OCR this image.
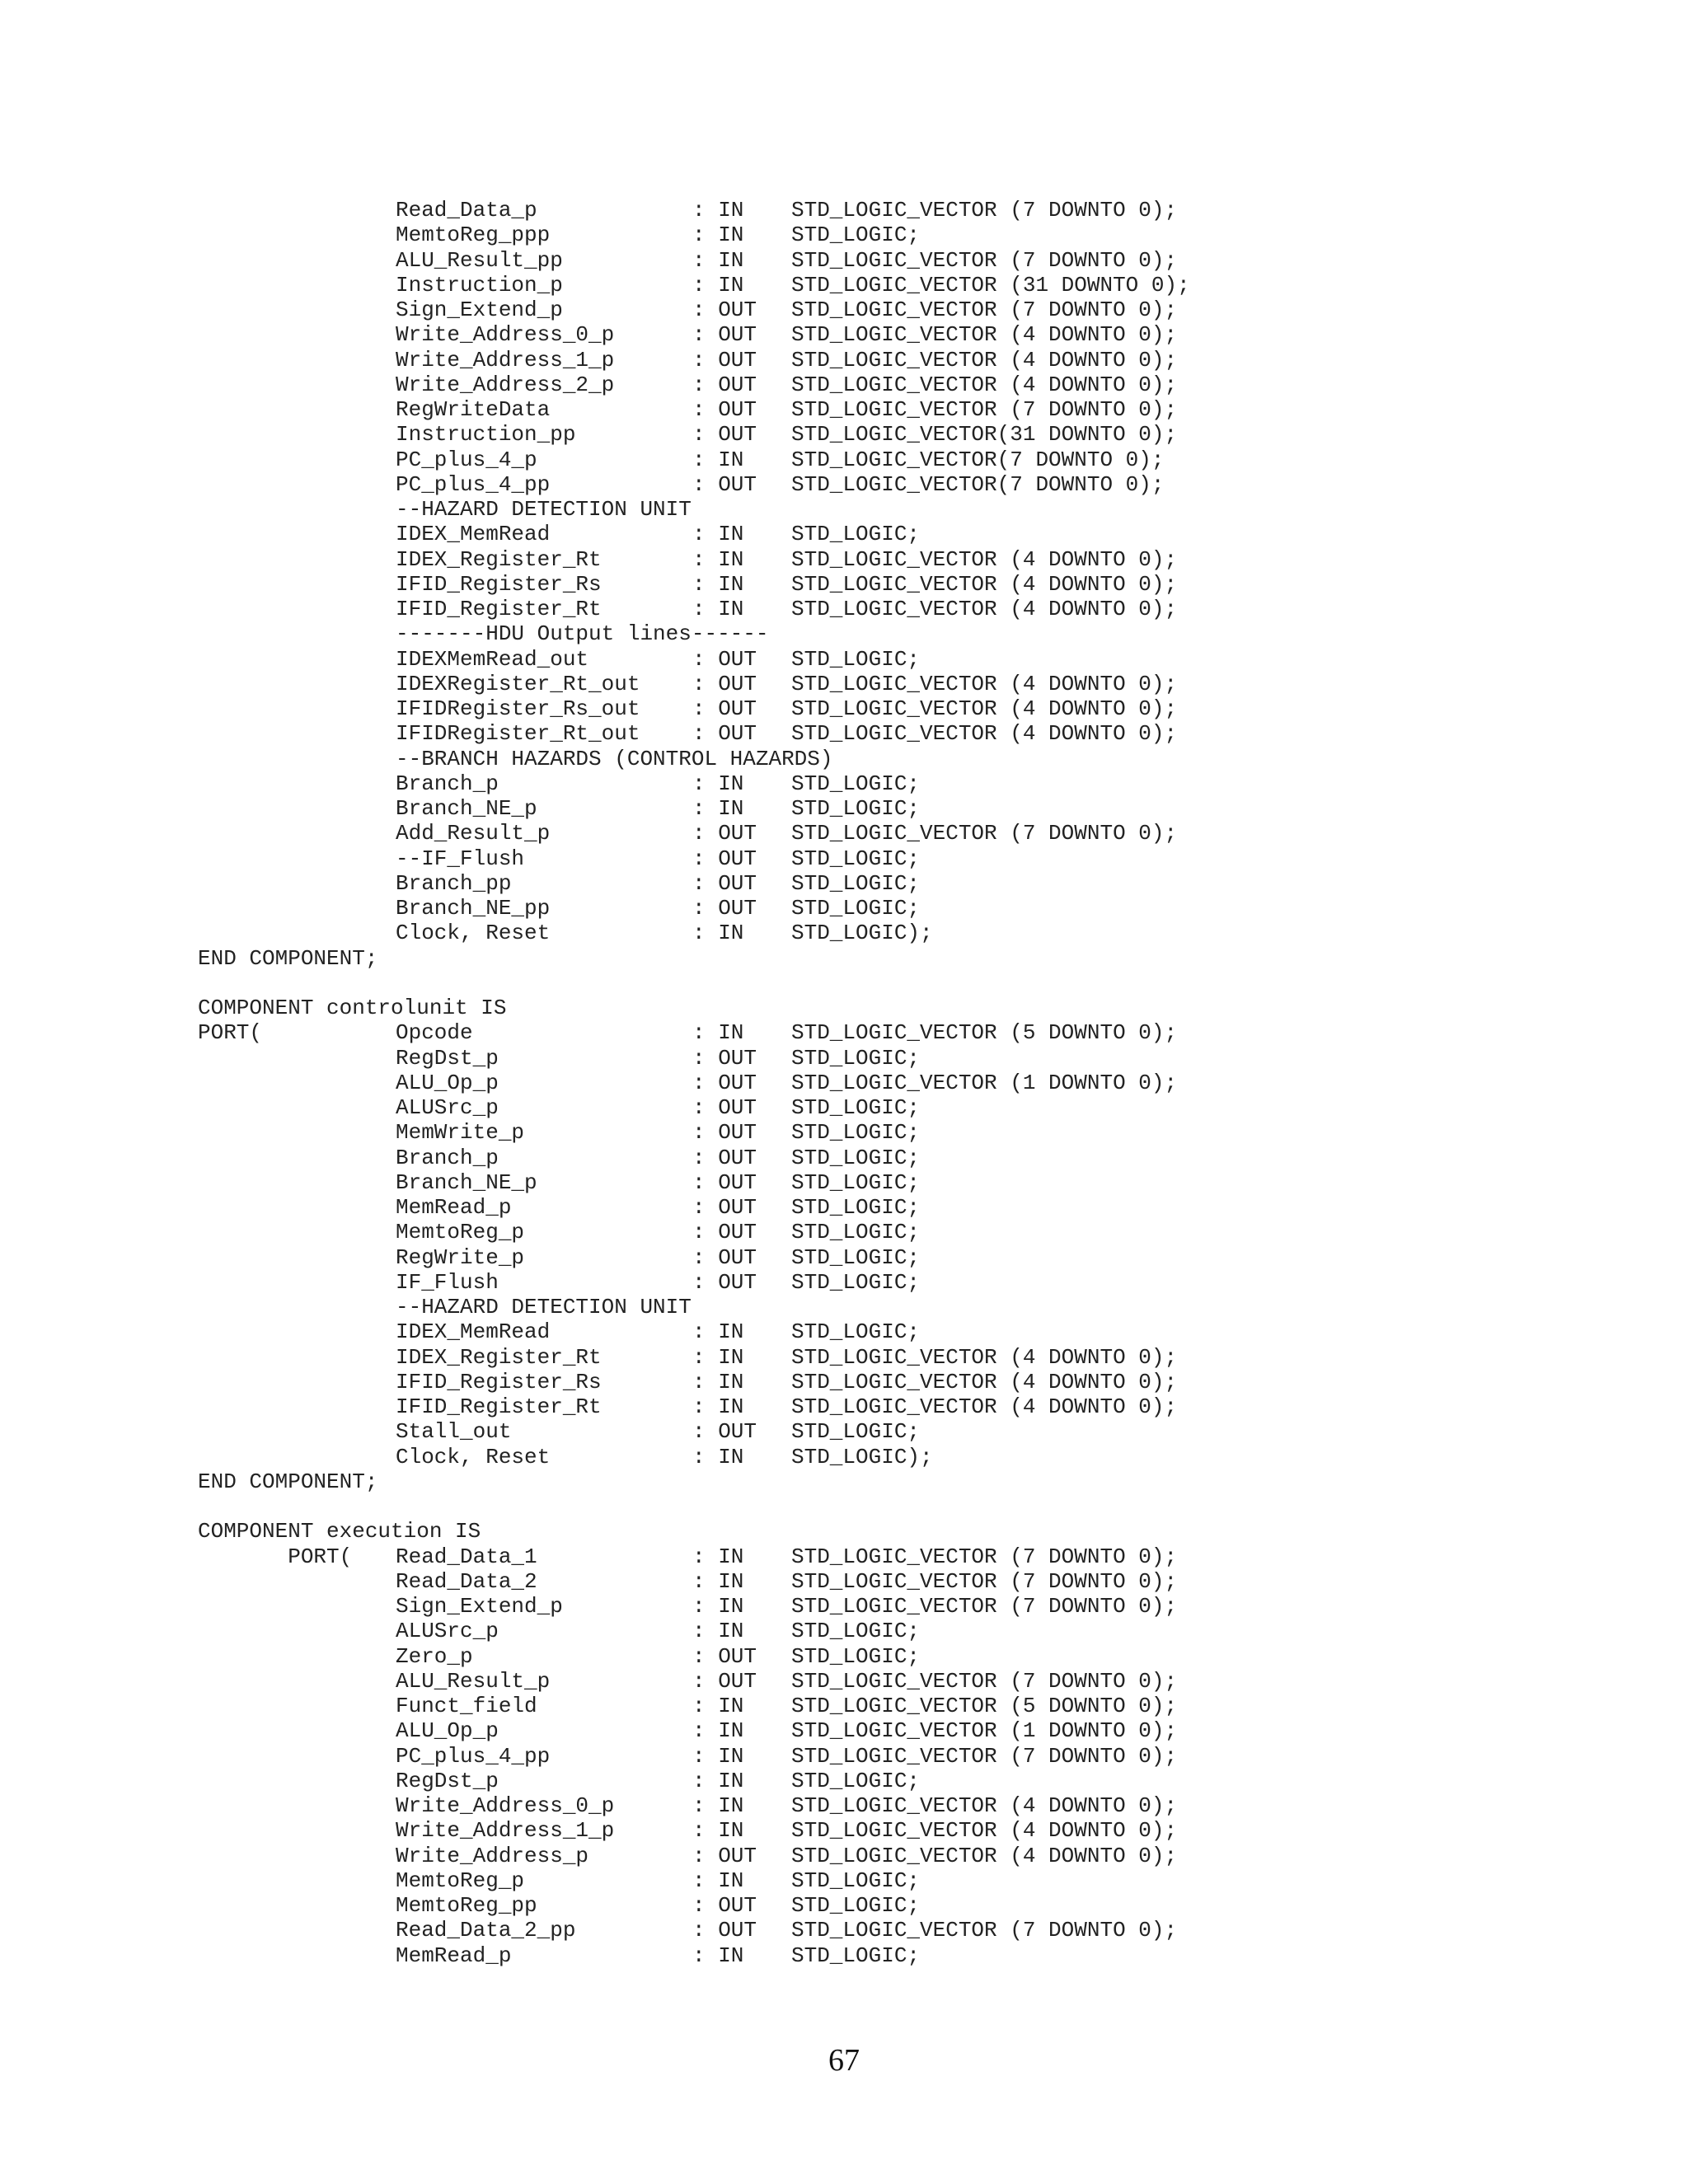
Read_Data_p	: IN STD_LOGIC_VECTOR (7 DOWNTO 0);
MemtoReg_ppp	: IN STD_LOGIC;
ALU_Result_pp	: IN STD_LOGIC_VECTOR (7 DOWNTO 0);
Instruction_p	: IN STD_LOGIC_VECTOR (31 DOWNTO 0);
Sign_Extend_p	: OUT STD_LOGIC_VECTOR (7 DOWNTO 0);
Write_Address_0_p	: OUT STD_LOGIC_VECTOR (4 DOWNTO 0);
Write_Address_1_p	: OUT STD_LOGIC_VECTOR (4 DOWNTO 0);
Write_Address_2_p	: OUT STD_LOGIC_VECTOR (4 DOWNTO 0);
RegWriteData	: OUT STD_LOGIC_VECTOR (7 DOWNTO 0);
Instruction_pp	: OUT STD_LOGIC_VECTOR(31 DOWNTO 0);
PC_plus_4_p	: IN STD_LOGIC_VECTOR(7 DOWNTO 0);
PC_plus_4_pp	: OUT STD_LOGIC_VECTOR(7 DOWNTO 0);
--HAZARD DETECTION UNIT
IDEX_MemRead	: IN STD_LOGIC;
IDEX_Register_Rt	: IN STD_LOGIC_VECTOR (4 DOWNTO 0);
IFID_Register_Rs	: IN STD_LOGIC_VECTOR (4 DOWNTO 0);
IFID_Register_Rt	: IN STD_LOGIC_VECTOR (4 DOWNTO 0);
-------HDU Output lines------
IDEXMemRead_out	: OUT STD_LOGIC;
IDEXRegister_Rt_out : OUT STD_LOGIC_VECTOR (4 DOWNTO 0);
IFIDRegister_Rs_out : OUT STD_LOGIC_VECTOR (4 DOWNTO 0);
IFIDRegister_Rt_out : OUT STD_LOGIC_VECTOR (4 DOWNTO 0);
--BRANCH HAZARDS (CONTROL HAZARDS)
Branch_p	: IN STD_LOGIC;
Branch_NE_p	: IN STD_LOGIC;
Add_Result_p	: OUT STD_LOGIC_VECTOR (7 DOWNTO 0);
--IF_Flush	: OUT STD_LOGIC;
Branch_pp	: OUT STD_LOGIC;
Branch_NE_pp	: OUT STD_LOGIC;
Clock, Reset	: IN STD_LOGIC);
END COMPONENT;
COMPONENT controlunit IS
PORT(	Opcode	: IN STD_LOGIC_VECTOR (5 DOWNTO 0);
RegDst_p	: OUT STD_LOGIC;
ALU_Op_p	: OUT STD_LOGIC_VECTOR (1 DOWNTO 0);
ALUSrc_p	: OUT STD_LOGIC;
MemWrite_p	: OUT STD_LOGIC;
Branch_p	: OUT STD_LOGIC;
Branch_NE_p	: OUT STD_LOGIC;
MemRead_p	: OUT STD_LOGIC;
MemtoReg_p	: OUT STD_LOGIC;
RegWrite_p	: OUT STD_LOGIC;
IF_Flush	: OUT STD_LOGIC;
--HAZARD DETECTION UNIT
IDEX_MemRead	: IN STD_LOGIC;
IDEX_Register_Rt	: IN STD_LOGIC_VECTOR (4 DOWNTO 0);
IFID_Register_Rs	: IN STD_LOGIC_VECTOR (4 DOWNTO 0);
IFID_Register_Rt	: IN STD_LOGIC_VECTOR (4 DOWNTO 0);
Stall_out	: OUT STD_LOGIC;
Clock, Reset	: IN STD_LOGIC);
END COMPONENT;
COMPONENT execution IS
PORT( Read_Data_1	: IN STD_LOGIC_VECTOR (7 DOWNTO 0);
Read_Data_2	: IN STD_LOGIC_VECTOR (7 DOWNTO 0);
Sign_Extend_p	: IN STD_LOGIC_VECTOR (7 DOWNTO 0);
ALUSrc_p	: IN STD_LOGIC;
Zero_p	: OUT STD_LOGIC;
ALU_Result_p	: OUT STD_LOGIC_VECTOR (7 DOWNTO 0);
Funct_field	: IN STD_LOGIC_VECTOR (5 DOWNTO 0);
ALU_Op_p	: IN STD_LOGIC_VECTOR (1 DOWNTO 0);
PC_plus_4_pp	: IN STD_LOGIC_VECTOR (7 DOWNTO 0);
RegDst_p	: IN STD_LOGIC;
Write_Address_0_p	: IN STD_LOGIC_VECTOR (4 DOWNTO 0);
Write_Address_1_p	: IN STD_LOGIC_VECTOR (4 DOWNTO 0);
Write_Address_p	: OUT STD_LOGIC_VECTOR (4 DOWNTO 0);
MemtoReg_p	: IN STD_LOGIC;
MemtoReg_pp	: OUT STD_LOGIC;
Read_Data_2_pp	: OUT STD_LOGIC_VECTOR (7 DOWNTO 0);
MemRead_p	: IN STD_LOGIC;
67
